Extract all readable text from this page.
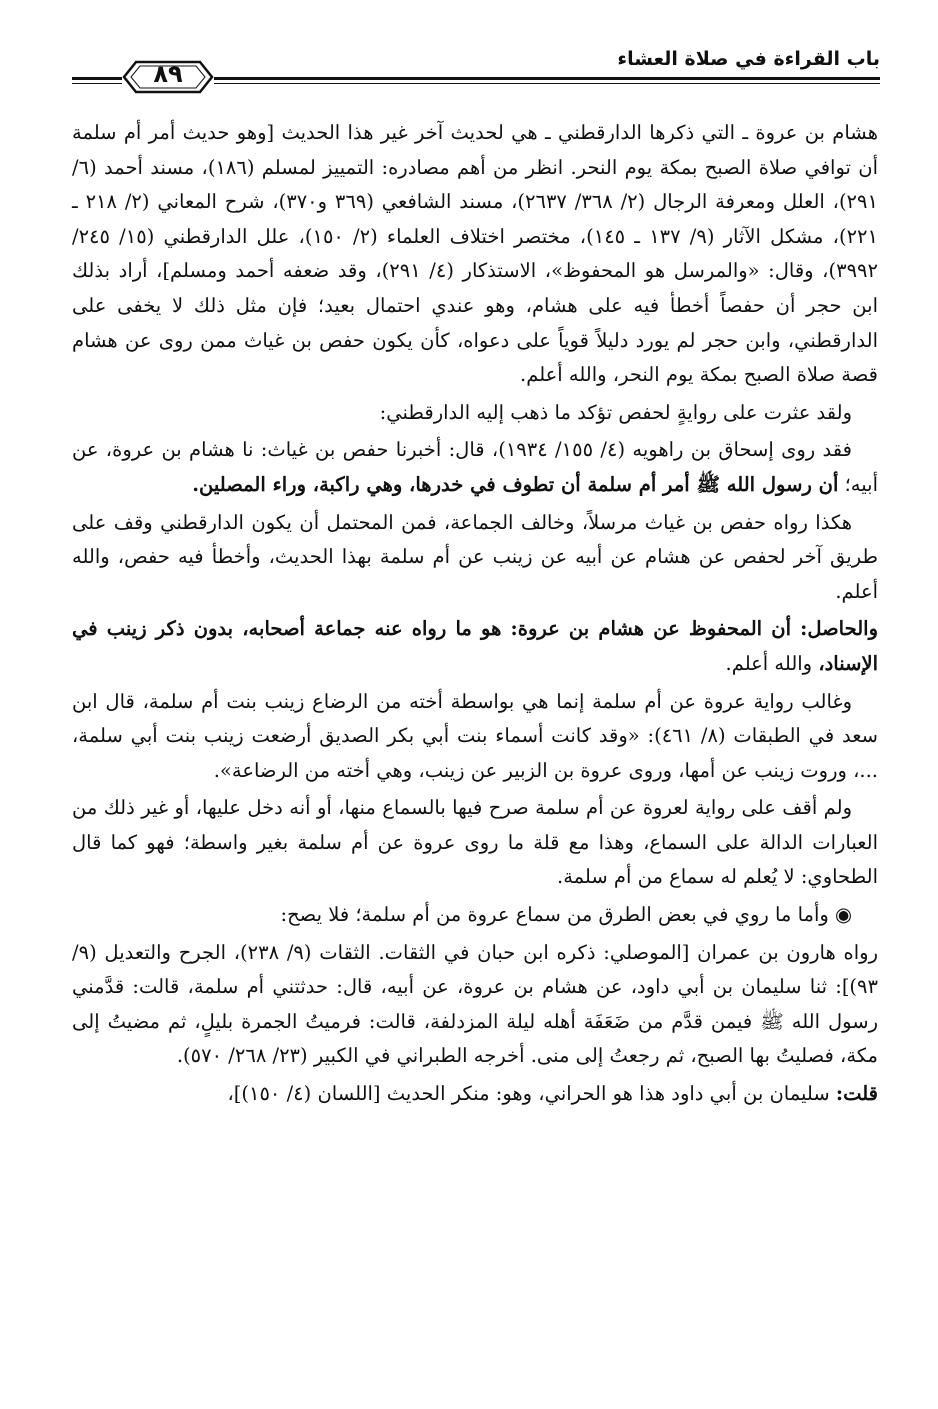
باب القراءة في صلاة العشاء
٨٩

هشام بن عروة ـ التي ذكرها الدارقطني ـ هي لحديث آخر غير هذا الحديث [وهو حديث أمر أم سلمة أن توافي صلاة الصبح بمكة يوم النحر. انظر من أهم مصادره: التمييز لمسلم (١٨٦)، مسند أحمد (٦/ ٢٩١)، العلل ومعرفة الرجال (٢/ ٣٦٨/ ٢٦٣٧)، مسند الشافعي (٣٦٩ و٣٧٠)، شرح المعاني (٢/ ٢١٨ ـ ٢٢١)، مشكل الآثار (٩/ ١٣٧ ـ ١٤٥)، مختصر اختلاف العلماء (٢/ ١٥٠)، علل الدارقطني (١٥/ ٢٤٥/ ٣٩٩٢)، وقال: «والمرسل هو المحفوظ»، الاستذكار (٤/ ٢٩١)، وقد ضعفه أحمد ومسلم]، أراد بذلك ابن حجر أن حفصاً أخطأ فيه على هشام، وهو عندي احتمال بعيد؛ فإن مثل ذلك لا يخفى على الدارقطني، وابن حجر لم يورد دليلاً قوياً على دعواه، كأن يكون حفص بن غياث ممن روى عن هشام قصة صلاة الصبح بمكة يوم النحر، والله أعلم.

ولقد عثرت على روايةٍ لحفص تؤكد ما ذهب إليه الدارقطني:

فقد روى إسحاق بن راهويه (٤/ ١٥٥/ ١٩٣٤)، قال: أخبرنا حفص بن غياث: نا هشام بن عروة، عن أبيه؛ أن رسول الله ﷺ أمر أم سلمة أن تطوف في خدرها، وهي راكبة، وراء المصلين.

هكذا رواه حفص بن غياث مرسلاً، وخالف الجماعة، فمن المحتمل أن يكون الدارقطني وقف على طريق آخر لحفص عن هشام عن أبيه عن زينب عن أم سلمة بهذا الحديث، وأخطأ فيه حفص، والله أعلم.

والحاصل: أن المحفوظ عن هشام بن عروة: هو ما رواه عنه جماعة أصحابه، بدون ذكر زينب في الإسناد، والله أعلم.

وغالب رواية عروة عن أم سلمة إنما هي بواسطة أخته من الرضاع زينب بنت أم سلمة، قال ابن سعد في الطبقات (٨/ ٤٦١): «وقد كانت أسماء بنت أبي بكر الصديق أرضعت زينب بنت أبي سلمة، ...، وروت زينب عن أمها، وروى عروة بن الزبير عن زينب، وهي أخته من الرضاعة».

ولم أقف على رواية لعروة عن أم سلمة صرح فيها بالسماع منها، أو أنه دخل عليها، أو غير ذلك من العبارات الدالة على السماع، وهذا مع قلة ما روى عروة عن أم سلمة بغير واسطة؛ فهو كما قال الطحاوي: لا يُعلم له سماع من أم سلمة.

◉ وأما ما روي في بعض الطرق من سماع عروة من أم سلمة؛ فلا يصح:

رواه هارون بن عمران [الموصلي: ذكره ابن حبان في الثقات. الثقات (٩/ ٢٣٨)، الجرح والتعديل (٩/ ٩٣)]: ثنا سليمان بن أبي داود، عن هشام بن عروة، عن أبيه، قال: حدثتني أم سلمة، قالت: قدَّمني رسول الله ﷺ فيمن قدَّم من ضَعَفَة أهله ليلة المزدلفة، قالت: فرميتُ الجمرة بليلٍ، ثم مضيتُ إلى مكة، فصليتُ بها الصبح، ثم رجعتُ إلى منى. أخرجه الطبراني في الكبير (٢٣/ ٢٦٨/ ٥٧٠).

قلت: سليمان بن أبي داود هذا هو الحراني، وهو: منكر الحديث [اللسان (٤/ ١٥٠)]،
